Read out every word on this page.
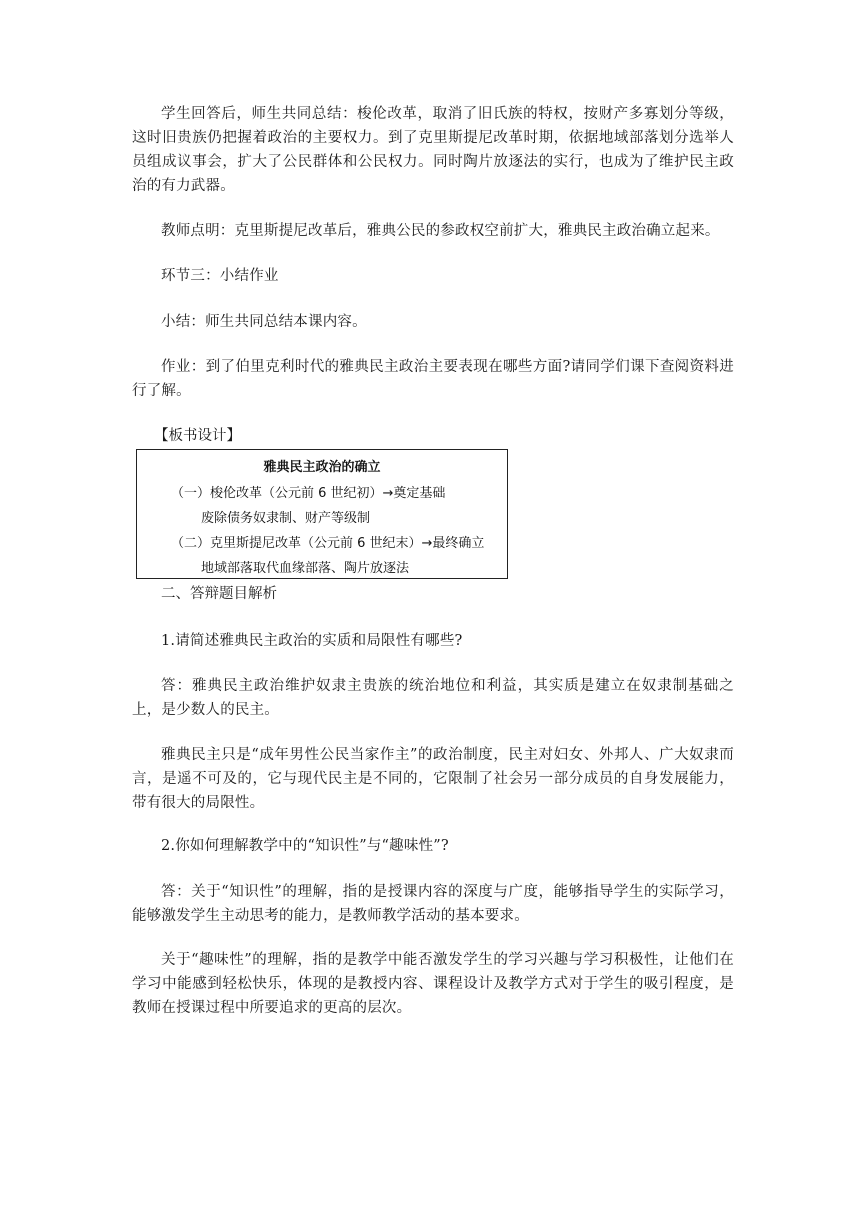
学生回答后，师生共同总结：梭伦改革，取消了旧氏族的特权，按财产多寡划分等级，这时旧贵族仍把握着政治的主要权力。到了克里斯提尼改革时期，依据地域部落划分选举人员组成议事会，扩大了公民群体和公民权力。同时陶片放逐法的实行，也成为了维护民主政治的有力武器。

教师点明：克里斯提尼改革后，雅典公民的参政权空前扩大，雅典民主政治确立起来。

环节三：小结作业

小结：师生共同总结本课内容。

作业：到了伯里克利时代的雅典民主政治主要表现在哪些方面?请同学们课下查阅资料进行了解。

【板书设计】

雅典民主政治的确立
（一）梭伦改革（公元前 6 世纪初）→奠定基础
废除债务奴隶制、财产等级制
（二）克里斯提尼改革（公元前 6 世纪末）→最终确立
地域部落取代血缘部落、陶片放逐法

二、答辩题目解析

1.请简述雅典民主政治的实质和局限性有哪些?

答：雅典民主政治维护奴隶主贵族的统治地位和利益，其实质是建立在奴隶制基础之上，是少数人的民主。

雅典民主只是“成年男性公民当家作主”的政治制度，民主对妇女、外邦人、广大奴隶而言，是遥不可及的，它与现代民主是不同的，它限制了社会另一部分成员的自身发展能力，带有很大的局限性。

2.你如何理解教学中的“知识性”与“趣味性”?

答：关于“知识性”的理解，指的是授课内容的深度与广度，能够指导学生的实际学习，能够激发学生主动思考的能力，是教师教学活动的基本要求。

关于“趣味性”的理解，指的是教学中能否激发学生的学习兴趣与学习积极性，让他们在学习中能感到轻松快乐，体现的是教授内容、课程设计及教学方式对于学生的吸引程度，是教师在授课过程中所要追求的更高的层次。
